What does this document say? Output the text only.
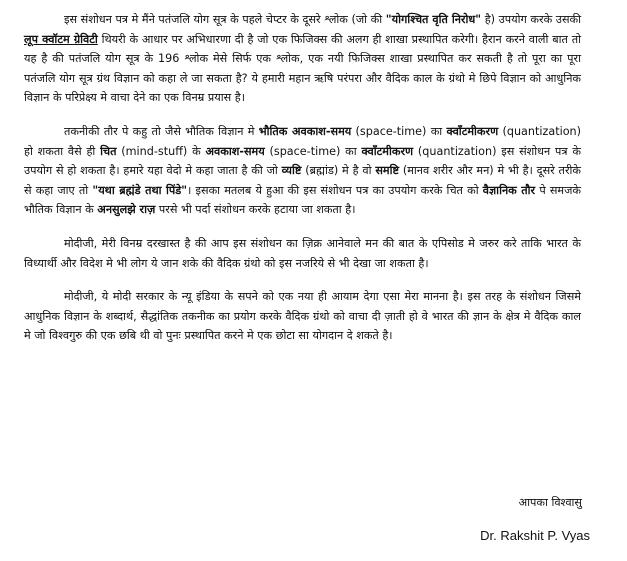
इस संशोधन पत्र मे मैंने पतंजलि योग सूत्र के पहले चेप्टर के दूसरे श्लोक (जो की "योगश्चित वृति निरोध" है) उपयोग करके उसकी लूप क्वॉटम ग्रेविटी थियरी के आधार पर अभिधारणा दी है जो एक फिजिक्स की अलग ही शाखा प्रस्थापित करेगी। हैरान करने वाली बात तो यह है की पतंजलि योग सूत्र के 196 श्लोक मेसे सिर्फ एक श्लोक, एक नयी फिजिक्स शाखा प्रस्थापित कर सकती है तो पूरा का पूरा पतंजलि योग सूत्र ग्रंथ विज्ञान को कहा ले जा सकता है? ये हमारी महान ऋषि परंपरा और वैदिक काल के ग्रंथो मे छिपे विज्ञान को आधुनिक विज्ञान के परिप्रेक्ष्य मे वाचा देने का एक विनम्र प्रयास है।

तकनीकी तौर पे कहु तो जैसे भौतिक विज्ञान मे भौतिक अवकाश-समय (space-time) का क्वॉंटमीकरण (quantization) हो शकता वैसे ही चित (mind-stuff) के अवकाश-समय (space-time) का क्वॉंटमीकरण (quantization) इस संशोधन पत्र के उपयोग से हो शकता है। हमारे यहा वेदो मे कहा जाता है की जो व्यष्टि (ब्रह्मांड) मे है वो समष्टि (मानव शरीर और मन) मे भी है। दूसरे तरीके से कहा जाए तो "यथा ब्रह्मंडे तथा पिंडे"। इसका मतलब ये हुआ की इस संशोधन पत्र का उपयोग करके चित को वैज्ञानिक तौर पे समजके भौतिक विज्ञान के अनसुलझे राज़ परसे भी पर्दा संशोधन करके हटाया जा शकता है।

मोदीजी, मेरी विनम्र दरखास्त है की आप इस संशोधन का ज़िक्र आनेवाले मन की बात के एपिसोड मे जरुर करे ताकि भारत के विध्यार्थी और विदेश मे भी लोग ये जान शके की वैदिक ग्रंथो को इस नजरिये से भी देखा जा शकता है।

मोदीजी, ये मोदी सरकार के न्यू इंडिया के सपने को एक नया ही आयाम देगा एसा मेरा मानना है। इस तरह के संशोधन जिसमे आधुनिक विज्ञान के शब्दार्थ, सैद्धांतिक तकनीक का प्रयोग करके वैदिक ग्रंथो को वाचा दी ज़ाती हो वे भारत की ज्ञान के क्षेत्र मे वैदिक काल मे जो विश्वगुरु की एक छबि थी वो पुनः प्रस्थापित करने मे एक छोटा सा योगदान दे शकते है।

आपका विश्वासु
Dr. Rakshit P. Vyas
